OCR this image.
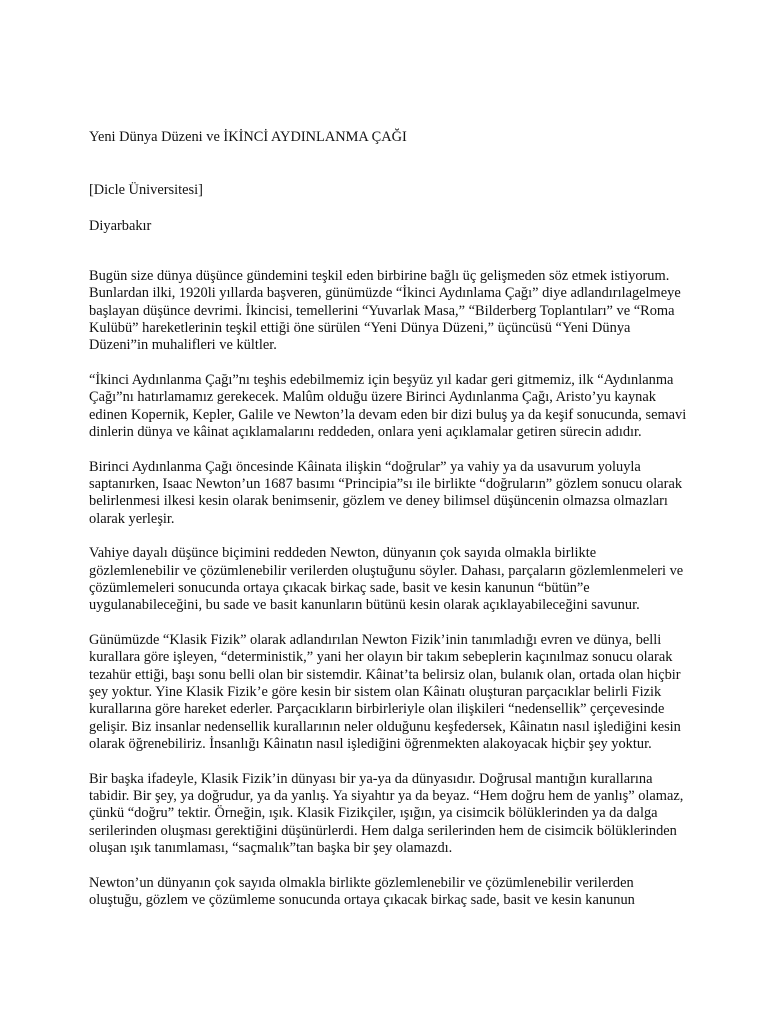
Yeni Dünya Düzeni ve İKİNCİ AYDINLANMA ÇAĞI
[Dicle Üniversitesi]
Diyarbakır

Bugün size dünya düşünce gündemini teşkil eden birbirine bağlı üç gelişmeden söz etmek istiyorum. Bunlardan ilki, 1920li yıllarda başveren, günümüzde “İkinci Aydınlama Çağı” diye adlandırılagelmeye başlayan düşünce devrimi. İkincisi, temellerini “Yuvarlak Masa,” “Bilderberg Toplantıları” ve “Roma Kulübü” hareketlerinin teşkil ettiği öne sürülen “Yeni Dünya Düzeni,” üçüncüsü “Yeni Dünya Düzeni”in muhalifleri ve kültler.

“İkinci Aydınlanma Çağı”nı teşhis edebilmemiz için beşyüz yıl kadar geri gitmemiz, ilk “Aydınlanma Çağı”nı hatırlamamız gerekecek. Malûm olduğu üzere Birinci Aydınlanma Çağı, Aristo’yu kaynak edinen Kopernik, Kepler, Galile ve Newton’la devam eden bir dizi buluş ya da keşif sonucunda, semavi dinlerin dünya ve kâinat açıklamalarını reddeden, onlara yeni açıklamalar getiren sürecin adıdır.

Birinci Aydınlanma Çağı öncesinde Kâinata ilişkin “doğrular” ya vahiy ya da usavurum yoluyla saptanırken, Isaac Newton’un 1687 basımı “Principia”sı ile birlikte “doğruların” gözlem sonucu olarak belirlenmesi ilkesi kesin olarak benimsenir, gözlem ve deney bilimsel düşüncenin olmazsa olmazları olarak yerleşir.

Vahiye dayalı düşünce biçimini reddeden Newton, dünyanın çok sayıda olmakla birlikte gözlemlenebilir ve çözümlenebilir verilerden oluştuğunu söyler. Dahası, parçaların gözlemlenmeleri ve çözümlemeleri sonucunda ortaya çıkacak birkaç sade, basit ve kesin kanunun “bütün”e uygulanabileceğini, bu sade ve basit kanunların bütünü kesin olarak açıklayabileceğini savunur.

Günümüzde “Klasik Fizik” olarak adlandırılan Newton Fizik’inin tanımladığı evren ve dünya, belli kurallara göre işleyen, “deterministik,” yani her olayın bir takım sebeplerin kaçınılmaz sonucu olarak tezahür ettiği, başı sonu belli olan bir sistemdir. Kâinat’ta belirsiz olan, bulanık olan, ortada olan hiçbir şey yoktur. Yine Klasik Fizik’e göre kesin bir sistem olan Kâinatı oluşturan parçacıklar belirli Fizik kurallarına göre hareket ederler. Parçacıkların birbirleriyle olan ilişkileri “nedensellik” çerçevesinde gelişir. Biz insanlar nedensellik kurallarının neler olduğunu keşfedersek, Kâinatın nasıl işlediğini kesin olarak öğrenebiliriz. İnsanlığı Kâinatın nasıl işlediğini öğrenmekten alakoyacak hiçbir şey yoktur.

Bir başka ifadeyle, Klasik Fizik’in dünyası bir ya-ya da dünyasıdır. Doğrusal mantığın kurallarına tabidir. Bir şey, ya doğrudur, ya da yanlış. Ya siyahtır ya da beyaz. “Hem doğru hem de yanlış” olamaz, çünkü “doğru” tektir. Örneğin, ışık. Klasik Fizikçiler, ışığın, ya cisimcik bölüklerinden ya da dalga serilerinden oluşması gerektiğini düşünürlerdi. Hem dalga serilerinden hem de cisimcik bölüklerinden oluşan ışık tanımlaması, “saçmalık”tan başka bir şey olamazdı.

Newton’un dünyanın çok sayıda olmakla birlikte gözlemlenebilir ve çözümlenebilir verilerden oluştuğu, gözlem ve çözümleme sonucunda ortaya çıkacak birkaç sade, basit ve kesin kanunun
